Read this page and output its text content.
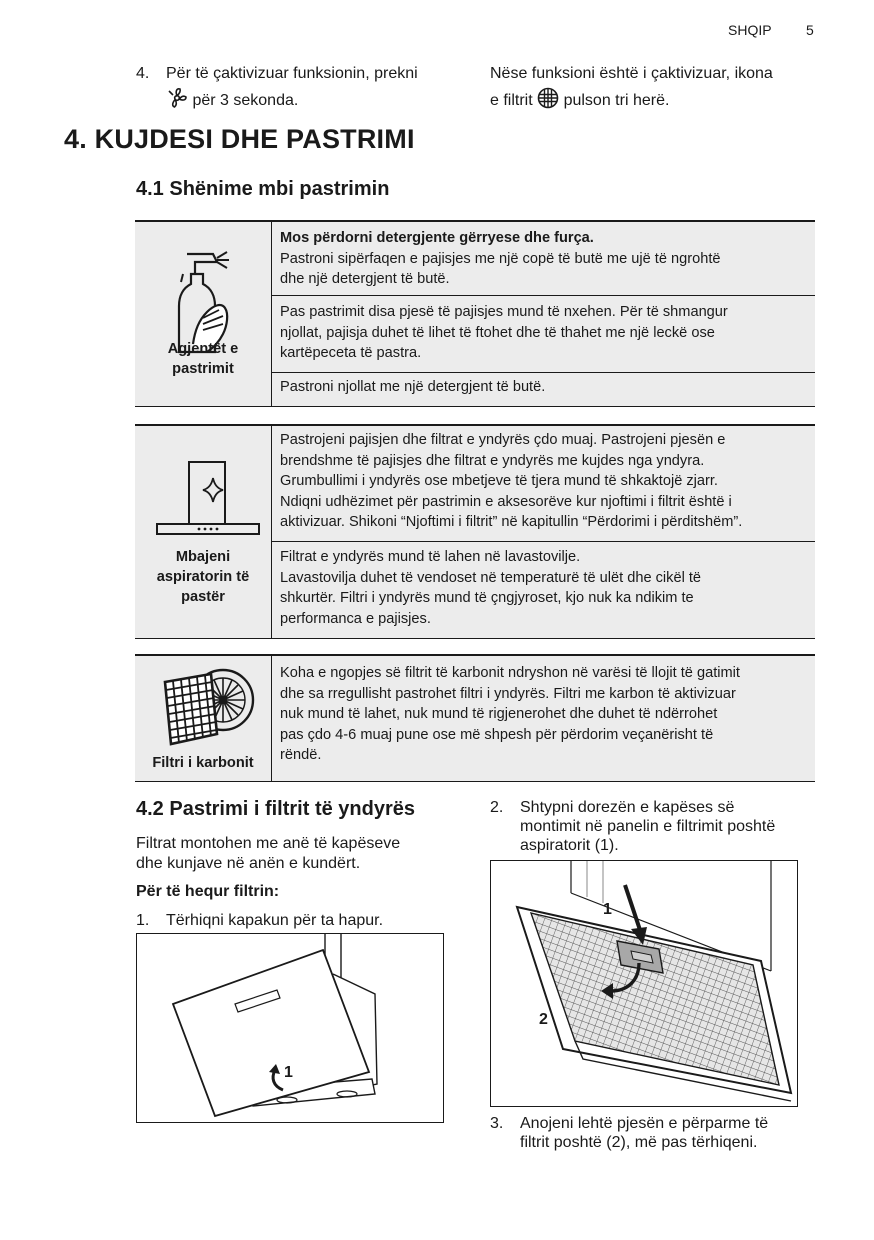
SHQIP 5
4. Për të çaktivizuar funksionin, prekni
për 3 sekonda.
Nëse funksioni është i çaktivizuar, ikona
e filtrit pulson tri herë.
4. KUJDESI DHE PASTRIMI
4.1 Shënime mbi pastrimin
Agjentët e
pastrimit
Mos përdorni detergjente gërryese dhe furça.
Pastroni sipërfaqen e pajisjes me një copë të butë me ujë të ngrohtë
dhe një detergjent të butë.
Pas pastrimit disa pjesë të pajisjes mund të nxehen. Për të shmangur
njollat, pajisja duhet të lihet të ftohet dhe të thahet me një leckë ose
kartëpeceta të pastra.
Pastroni njollat me një detergjent të butë.
Mbajeni
aspiratorin të
pastër
Pastrojeni pajisjen dhe filtrat e yndyrës çdo muaj. Pastrojeni pjesën e
brendshme të pajisjes dhe filtrat e yndyrës me kujdes nga yndyra.
Grumbullimi i yndyrës ose mbetjeve të tjera mund të shkaktojë zjarr.
Ndiqni udhëzimet për pastrimin e aksesorëve kur njoftimi i filtrit është i
aktivizuar. Shikoni “Njoftimi i filtrit” në kapitullin “Përdorimi i përditshëm”.
Filtrat e yndyrës mund të lahen në lavastovilje.
Lavastovilja duhet të vendoset në temperaturë të ulët dhe cikël të
shkurtër. Filtri i yndyrës mund të çngjyroset, kjo nuk ka ndikim te
performanca e pajisjes.
Filtri i karbonit
Koha e ngopjes së filtrit të karbonit ndryshon në varësi të llojit të gatimit
dhe sa rregullisht pastrohet filtri i yndyrës. Filtri me karbon të aktivizuar
nuk mund të lahet, nuk mund të rigjenerohet dhe duhet të ndërrohet
pas çdo 4-6 muaj pune ose më shpesh për përdorim veçanërisht të
rëndë.
4.2 Pastrimi i filtrit të yndyrës
Filtrat montohen me anë të kapëseve
dhe kunjave në anën e kundërt.
Për të hequr filtrin:
1. Tërhiqni kapakun për ta hapur.
1
2. Shtypni dorezën e kapëses së
montimit në panelin e filtrimit poshtë
aspiratorit (1).
1
2
3. Anojeni lehtë pjesën e përparme të
filtrit poshtë (2), më pas tërhiqeni.
